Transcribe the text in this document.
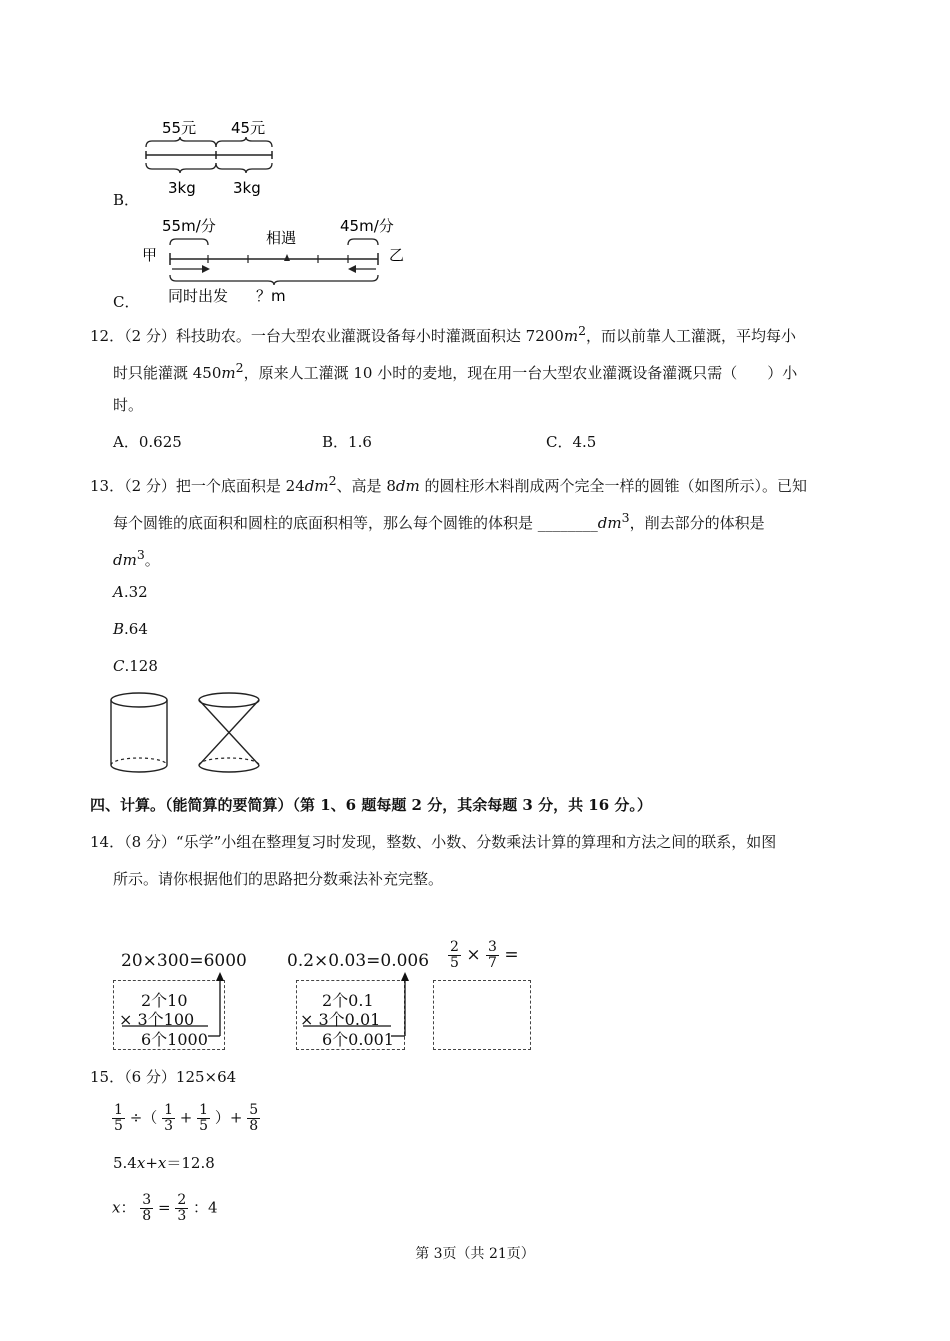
B．
55元 45元
3kg 3kg
C．
55m/分
相遇
45m/分
甲	乙
同时出发 ？m
12．（2 分）科技助农。一台大型农业灌溉设备每小时灌溉面积达 $7200m^2$，而以前靠人工灌溉，平均每小
时只能灌溉 $450m^2$，原来人工灌溉 10 小时的麦地，现在用一台大型农业灌溉设备灌溉只需（　　）小
时。
A．0.625	B．1.6	C．4.5
13．（2 分）把一个底面积是 $24dm^2$、高是 8dm 的圆柱形木料削成两个完全一样的圆锥（如图所示）。已知
每个圆锥的底面积和圆柱的底面积相等，那么每个圆锥的体积是 $\_\_\_\_\_\_\_\_dm^3$，削去部分的体积是
$dm^3$。
A.32
B.64
C.128
四、计算。（能简算的要简算）（第 1、6 题每题 2 分，其余每题 3 分，共 16 分。）
14．（8 分）“乐学”小组在整理复习时发现，整数、小数、分数乘法计算的算理和方法之间的联系，如图
所示。请你根据他们的思路把分数乘法补充完整。
20×300=6000
2个10
× 3个100
6个1000
0.2×0.03=0.006
2个0.1
× 3个0.01
6个0.001
$\frac{2}{5} \times \frac{3}{7}$ =
15．（6 分）125×64
$\frac{1}{5}$ ÷（ $\frac{1}{3} + \frac{1}{5}$ ）+ $\frac{5}{8}$
5.4x+x＝12.8
x： $\frac{3}{8} = \frac{2}{3}$ ：4
第 3页（共 21页）
